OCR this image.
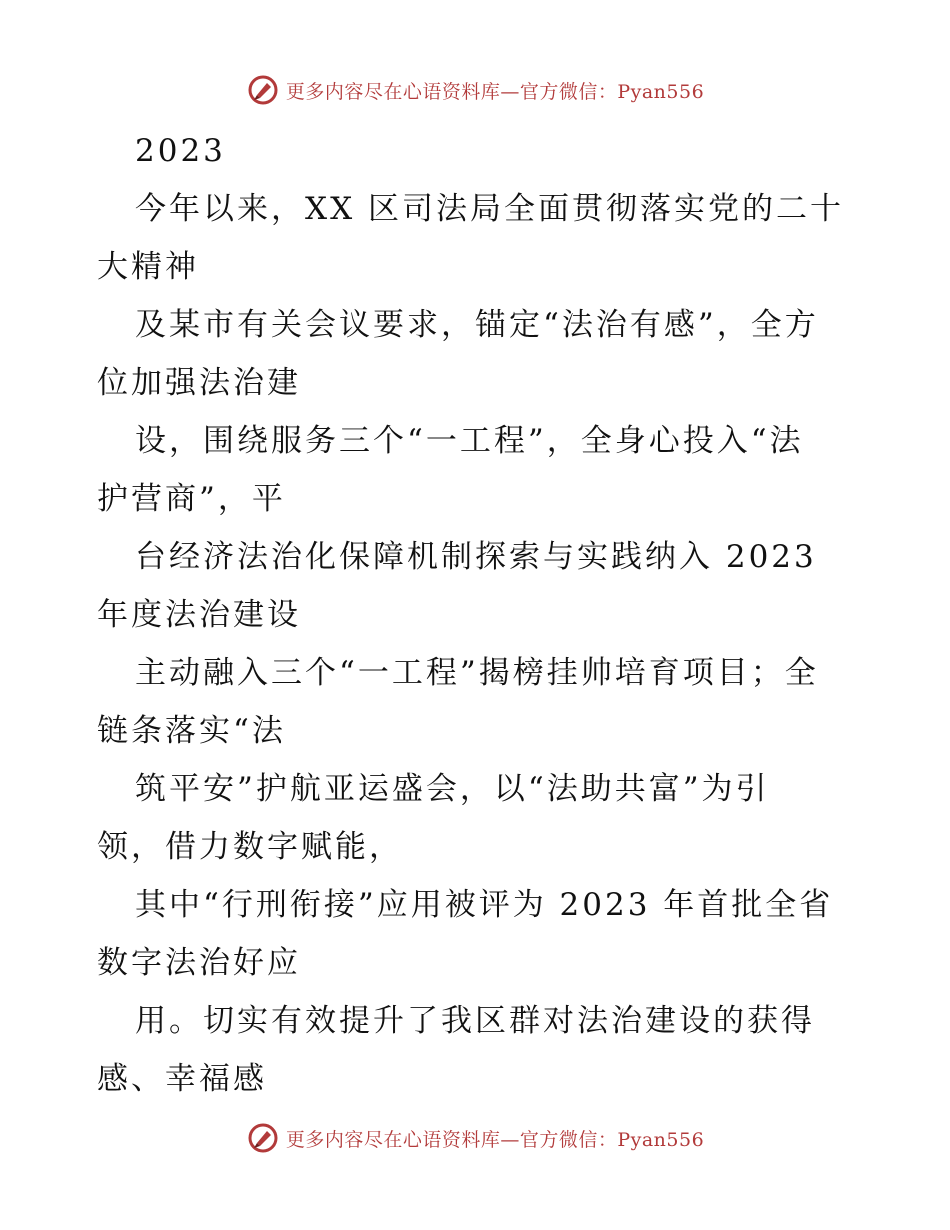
更多内容尽在心语资料库—官方微信：Pyan556
2023
今年以来，XX 区司法局全面贯彻落实党的二十
大精神
及某市有关会议要求，锚定“法治有感”，全方
位加强法治建
设，围绕服务三个“一工程”，全身心投入“法
护营商”，平
台经济法治化保障机制探索与实践纳入 2023
年度法治建设
主动融入三个“一工程”揭榜挂帅培育项目；全
链条落实“法
筑平安”护航亚运盛会，以“法助共富”为引
领，借力数字赋能，
其中“行刑衔接”应用被评为 2023 年首批全省
数字法治好应
用。切实有效提升了我区群对法治建设的获得
感、幸福感
更多内容尽在心语资料库—官方微信：Pyan556
